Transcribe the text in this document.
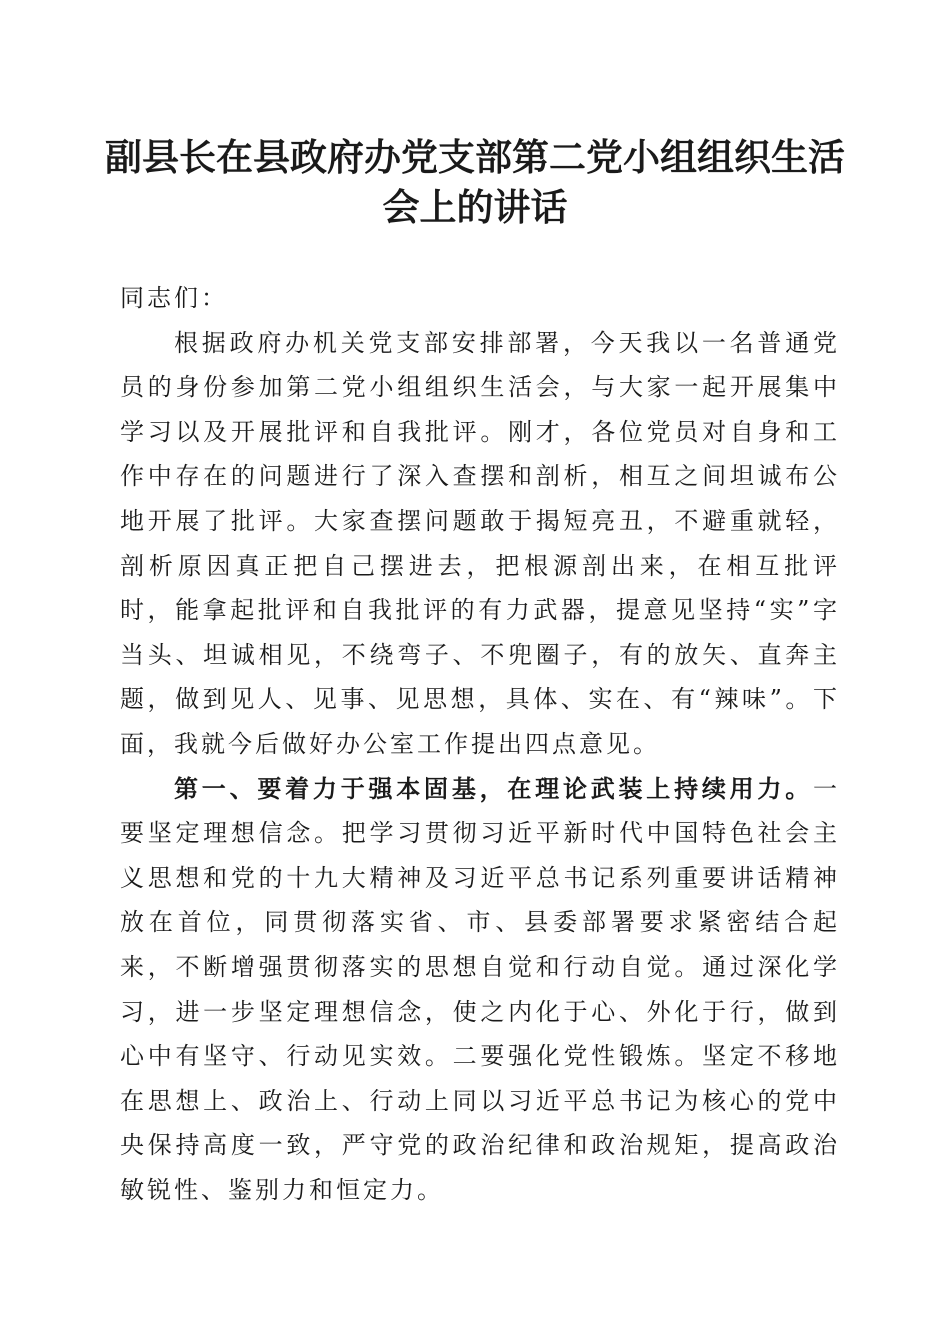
副县长在县政府办党支部第二党小组组织生活
会上的讲话

同志们：

根据政府办机关党支部安排部署，今天我以一名普通党员的身份参加第二党小组组织生活会，与大家一起开展集中学习以及开展批评和自我批评。刚才，各位党员对自身和工作中存在的问题进行了深入查摆和剖析，相互之间坦诚布公地开展了批评。大家查摆问题敢于揭短亮丑，不避重就轻，剖析原因真正把自己摆进去，把根源剖出来，在相互批评时，能拿起批评和自我批评的有力武器，提意见坚持“实”字当头、坦诚相见，不绕弯子、不兜圈子，有的放矢、直奔主题，做到见人、见事、见思想，具体、实在、有“辣味”。下面，我就今后做好办公室工作提出四点意见。

第一、要着力于强本固基，在理论武装上持续用力。一要坚定理想信念。把学习贯彻习近平新时代中国特色社会主义思想和党的十九大精神及习近平总书记系列重要讲话精神放在首位，同贯彻落实省、市、县委部署要求紧密结合起来，不断增强贯彻落实的思想自觉和行动自觉。通过深化学习，进一步坚定理想信念，使之内化于心、外化于行，做到心中有坚守、行动见实效。二要强化党性锻炼。坚定不移地在思想上、政治上、行动上同以习近平总书记为核心的党中央保持高度一致，严守党的政治纪律和政治规矩，提高政治敏锐性、鉴别力和恒定力。
